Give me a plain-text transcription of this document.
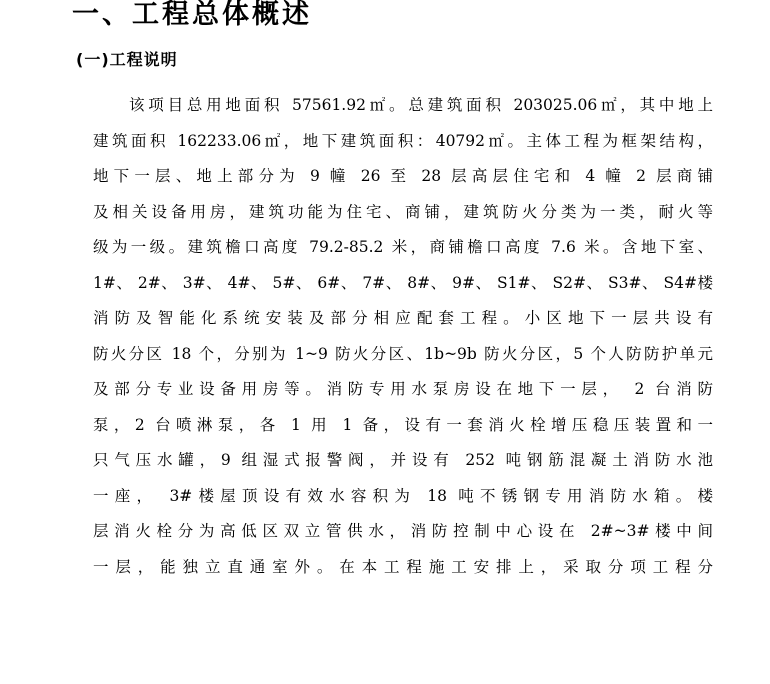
一、工程总体概述
(一)工程说明
该项目总用地面积 57561.92㎡。总建筑面积 203025.06㎡，其中地上
建筑面积 162233.06㎡，地下建筑面积：40792㎡。主体工程为框架结构，
地下一层、地上部分为 9 幢 26 至 28 层高层住宅和 4 幢 2 层商铺
及相关设备用房，建筑功能为住宅、商铺，建筑防火分类为一类，耐火等
级为一级。建筑檐口高度 79.2-85.2 米，商铺檐口高度 7.6 米。含地下室、
1#、 2#、 3#、 4#、 5#、 6#、 7#、 8#、 9#、 S1#、 S2#、 S3#、 S4#楼
消防及智能化系统安装及部分相应配套工程。小区地下一层共设有
防火分区 18 个，分别为 1~9 防火分区、1b~9b 防火分区，5 个人防防护单元
及部分专业设备用房等。消防专用水泵房设在地下一层， 2 台消防
泵，2 台喷淋泵，各 1 用 1 备，设有一套消火栓增压稳压装置和一
只气压水罐，9 组湿式报警阀，并设有 252 吨钢筋混凝土消防水池
一座， 3#楼屋顶设有效水容积为 18 吨不锈钢专用消防水箱。楼
层消火栓分为高低区双立管供水，消防控制中心设在 2#~3#楼中间
一层，能独立直通室外。在本工程施工安排上，采取分项工程分
